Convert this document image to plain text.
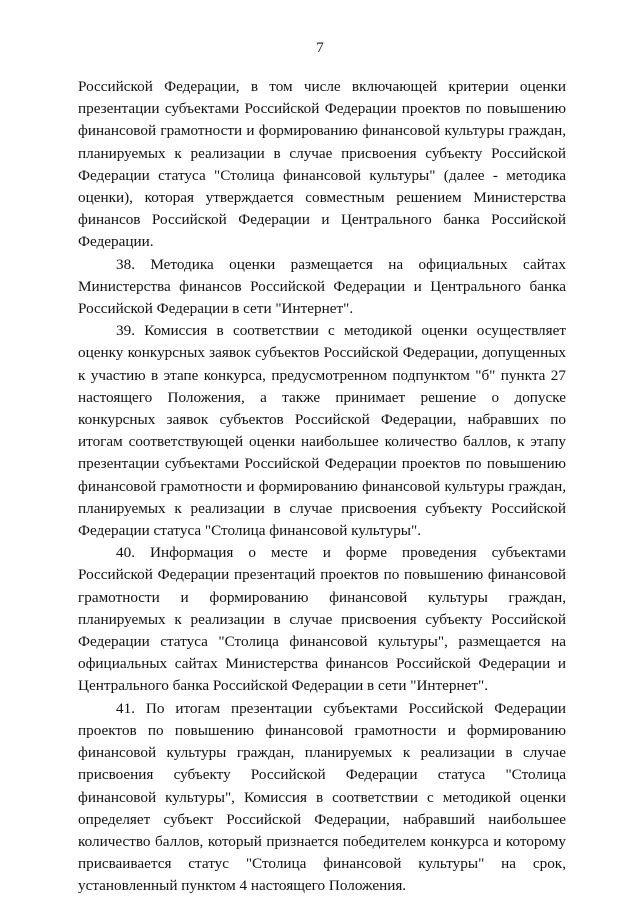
7

Российской Федерации, в том числе включающей критерии оценки презентации субъектами Российской Федерации проектов по повышению финансовой грамотности и формированию финансовой культуры граждан, планируемых к реализации в случае присвоения субъекту Российской Федерации статуса "Столица финансовой культуры" (далее - методика оценки), которая утверждается совместным решением Министерства финансов Российской Федерации и Центрального банка Российской Федерации.

38. Методика оценки размещается на официальных сайтах Министерства финансов Российской Федерации и Центрального банка Российской Федерации в сети "Интернет".

39. Комиссия в соответствии с методикой оценки осуществляет оценку конкурсных заявок субъектов Российской Федерации, допущенных к участию в этапе конкурса, предусмотренном подпунктом "б" пункта 27 настоящего Положения, а также принимает решение о допуске конкурсных заявок субъектов Российской Федерации, набравших по итогам соответствующей оценки наибольшее количество баллов, к этапу презентации субъектами Российской Федерации проектов по повышению финансовой грамотности и формированию финансовой культуры граждан, планируемых к реализации в случае присвоения субъекту Российской Федерации статуса "Столица финансовой культуры".

40. Информация о месте и форме проведения субъектами Российской Федерации презентаций проектов по повышению финансовой грамотности и формированию финансовой культуры граждан, планируемых к реализации в случае присвоения субъекту Российской Федерации статуса "Столица финансовой культуры", размещается на официальных сайтах Министерства финансов Российской Федерации и Центрального банка Российской Федерации в сети "Интернет".

41. По итогам презентации субъектами Российской Федерации проектов по повышению финансовой грамотности и формированию финансовой культуры граждан, планируемых к реализации в случае присвоения субъекту Российской Федерации статуса "Столица финансовой культуры", Комиссия в соответствии с методикой оценки определяет субъект Российской Федерации, набравший наибольшее количество баллов, который признается победителем конкурса и которому присваивается статус "Столица финансовой культуры" на срок, установленный пунктом 4 настоящего Положения.
